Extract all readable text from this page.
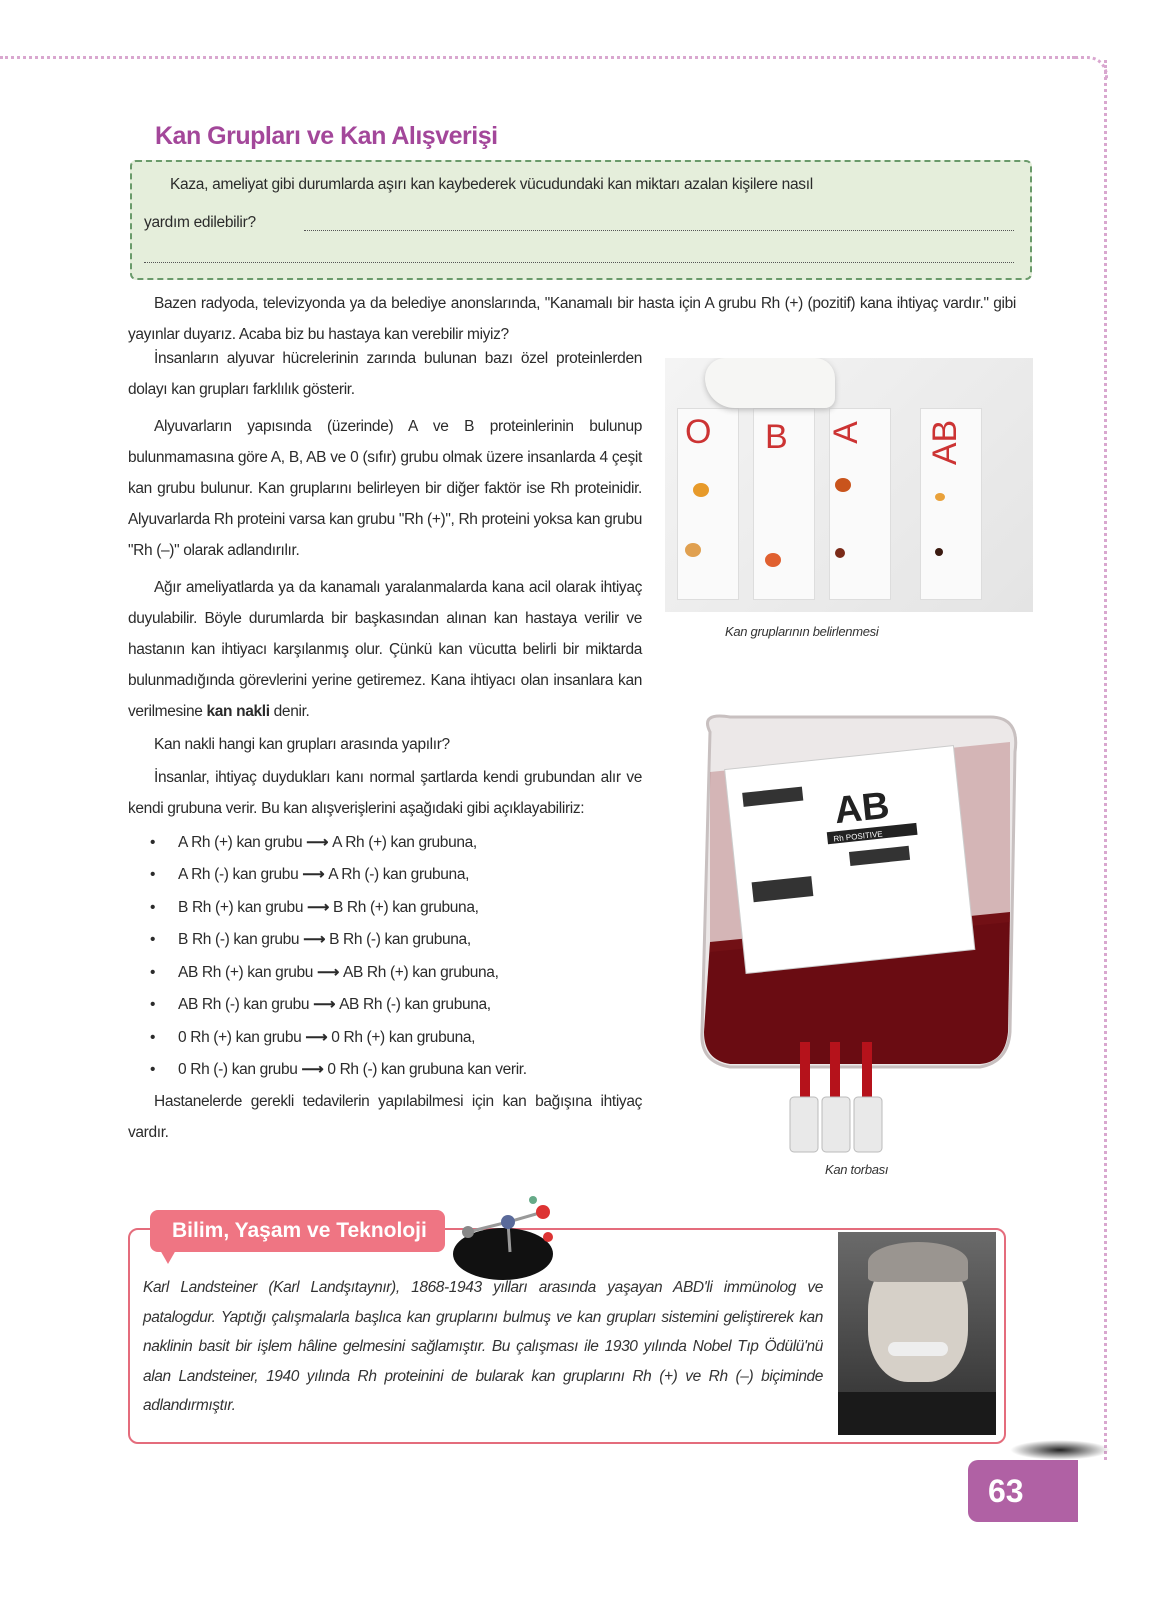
Kan Grupları ve Kan Alışverişi
Kaza, ameliyat gibi durumlarda aşırı kan kaybederek vücudundaki kan miktarı azalan kişilere nasıl
yardım edilebilir?

Bazen radyoda, televizyonda ya da belediye anonslarında, "Kanamalı bir hasta için A grubu Rh (+) (pozitif) kana ihtiyaç vardır." gibi yayınlar duyarız. Acaba biz bu hastaya kan verebilir miyiz?

İnsanların alyuvar hücrelerinin zarında bulunan bazı özel proteinlerden dolayı kan grupları farklılık gösterir.

Alyuvarların yapısında (üzerinde) A ve B proteinlerinin bulunup bulunmamasına göre A, B, AB ve 0 (sıfır) grubu olmak üzere insanlarda 4 çeşit kan grubu bulunur. Kan gruplarını belirleyen bir diğer faktör ise Rh proteinidir. Alyuvarlarda Rh proteini varsa kan grubu "Rh (+)", Rh proteini yoksa kan grubu "Rh (–)" olarak adlandırılır.

Ağır ameliyatlarda ya da kanamalı yaralanmalarda kana acil olarak ihtiyaç duyulabilir. Böyle durumlarda bir başkasından alınan kan hastaya verilir ve hastanın kan ihtiyacı karşılanmış olur. Çünkü kan vücutta belirli bir miktarda bulunmadığında görevlerini yerine getiremez. Kana ihtiyacı olan insanlara kan verilmesine kan nakli denir.

Kan nakli hangi kan grupları arasında yapılır?

İnsanlar, ihtiyaç duydukları kanı normal şartlarda kendi grubundan alır ve kendi grubuna verir. Bu kan alışverişlerini aşağıdaki gibi açıklayabiliriz:

•	A Rh (+) kan grubu ⟶ A Rh (+) kan grubuna,
•	A Rh (-) kan grubu ⟶ A Rh (-) kan grubuna,
•	B Rh (+) kan grubu ⟶ B Rh (+) kan grubuna,
•	B Rh (-) kan grubu ⟶ B Rh (-) kan grubuna,
•	AB Rh (+) kan grubu ⟶ AB Rh (+) kan grubuna,
•	AB Rh (-) kan grubu ⟶ AB Rh (-) kan grubuna,
•	0 Rh (+) kan grubu ⟶ 0 Rh (+) kan grubuna,
•	0 Rh (-) kan grubu ⟶ 0 Rh (-) kan grubuna kan verir.

Hastanelerde gerekli tedavilerin yapılabilmesi için kan bağışına ihtiyaç vardır.

O B A AB
Kan gruplarının belirlenmesi
AB
Rh POSITIVE
Kan torbası
Bilim, Yaşam ve Teknoloji
Karl Landsteiner (Karl Landşıtaynır), 1868-1943 yılları arasında yaşayan ABD'li immünolog ve patalogdur. Yaptığı çalışmalarla başlıca kan gruplarını bulmuş ve kan grupları sistemini geliştirerek kan naklinin basit bir işlem hâline gelmesini sağlamıştır. Bu çalışması ile 1930 yılında Nobel Tıp Ödülü'nü alan Landsteiner, 1940 yılında Rh proteinini de bularak kan gruplarını Rh (+) ve Rh (–) biçiminde adlandırmıştır.
63
